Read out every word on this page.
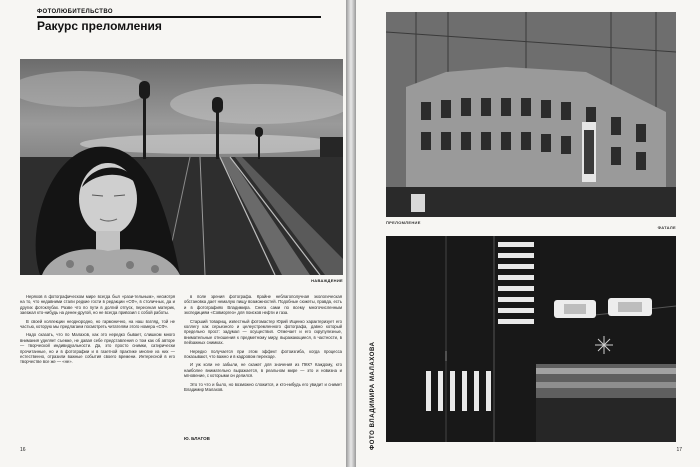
ФОТОЛЮБИТЕЛЬСТВО
Ракурс преломления
НАВАЖДЕНИЕ

Неряхов в фотографическом мире всегда был «рази-тельным», несмотря на то, что недавними стали редкие гости в редакции «СФ», в столичных, да и других фотоклубах. Разве что по пути в долгий отпуск, пересекая материк, заезжал кто-нибудь на денек-другой, но не всегда привозил с собой работы.

В своей коллекции неоднородно, но гармонично, на наш взгляд, той не частью, которую мы предлагаем посмотреть читателям этого номера «СФ».

Надо сказать, что по Малахов, как это нередко бывает, слишком много внимания уделяет съемке, не давая себе представления о том как об авторе — творческой индивидуальности. Да, это просто снимки, сатирически прочитанные, но и в фотографии и в газетной практике многие из них — естественно, отразили важные события своего времени. Интересной в его творчестве все же — «не».

в поле зрения фотографа. Крайне неблагополучная экологическая обстановка дает немалую пищу возможностей. Подобные сюжеты, правда, есть и в фотографиях Владимира. Снега сами по всему многочисленным экспедициям «Совморгео» для поисков нефти и газа.

Старший товарищ, известный фотомастер Юрий Ищенко характеризует его коллегу как серьезного и целеустремленного фотографа, давно который предельно прост: задумал — осуществил. Отмечает и его скрупулезные, внимательные отношения к предметному миру, выражающиеся, в частности, в пейзажных снимках.

Нередко получается при этом эффект фотоизгиба, когда процесса показывают, что важно и в кадровом переходе.

И уж коли не забыли, не скажет для значения из ПКК? Каждому, кто наиболее внимательно выражается, в реальном мире — это и новизна и мгновение, с которыми он делился.

Это то что и было, но возможно сложится, и кто-нибудь его увидит и снимет Владимир Малахов.

Ю. БЛАГОВ
16
ПРЕЛОМЛЕНИЕ
ФАТАЛЕ
ФОТО ВЛАДИМИРА МАЛАХОВА	17
